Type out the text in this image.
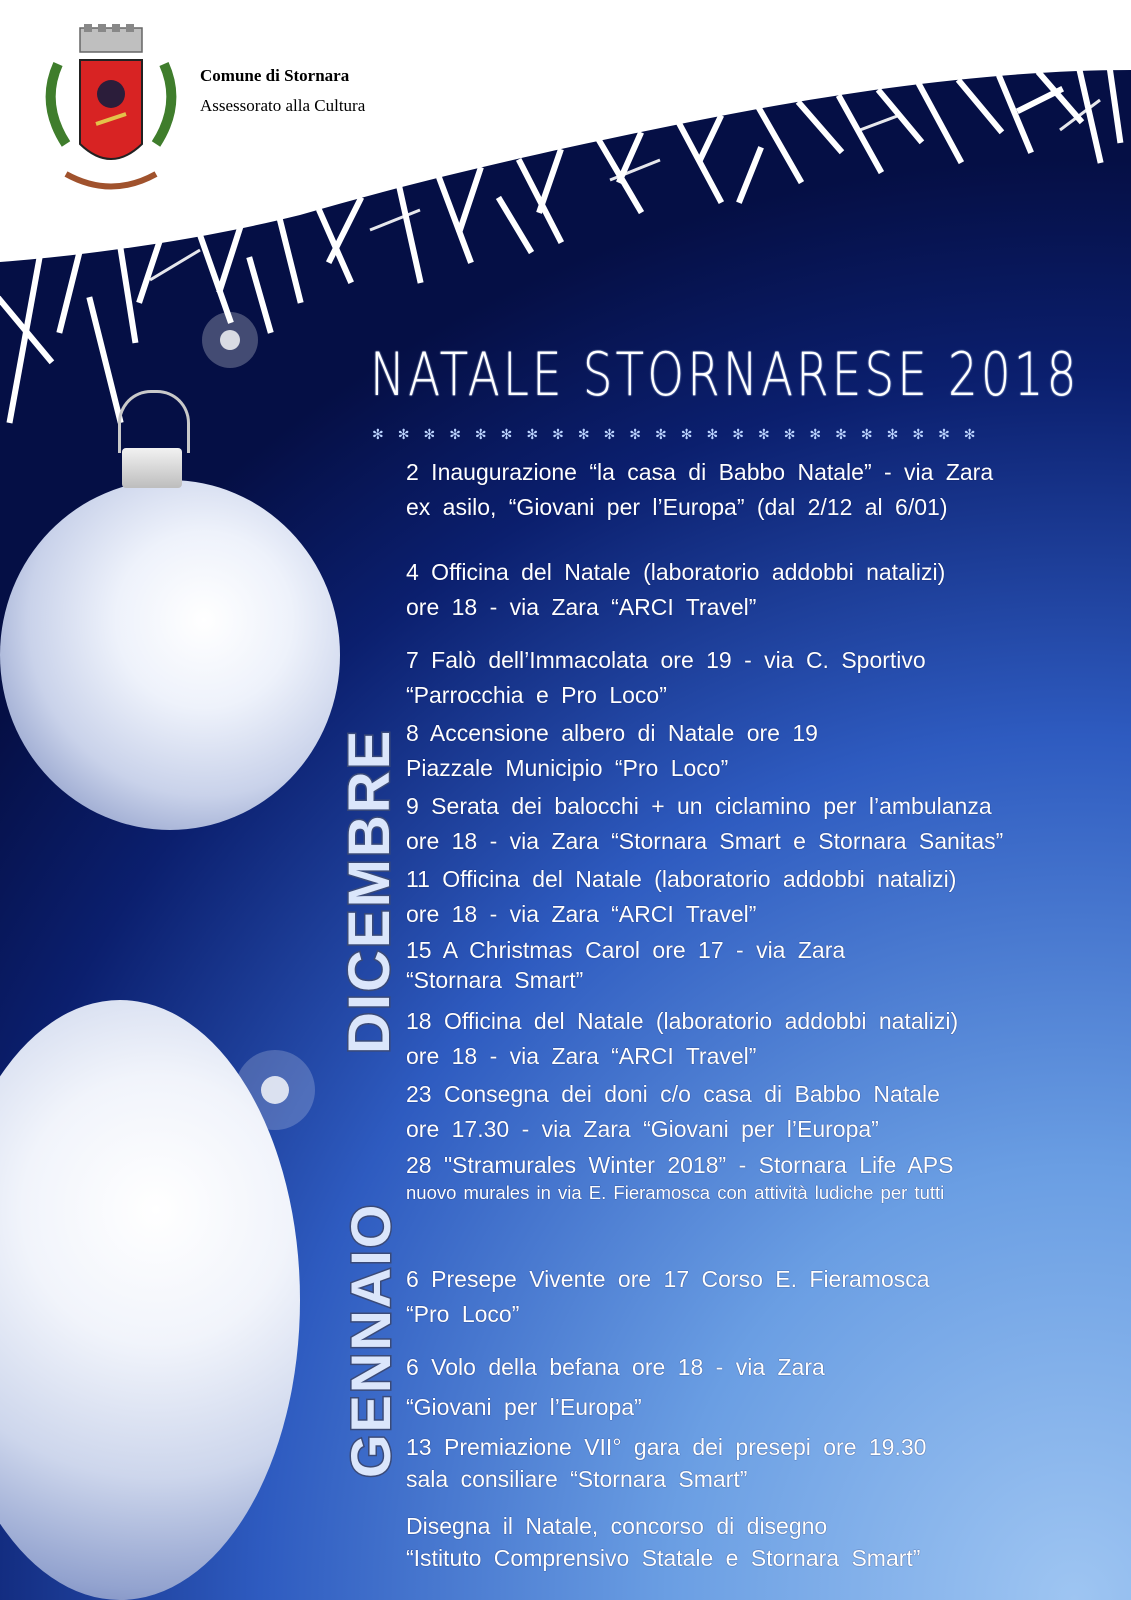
Comune di Stornara
Assessorato alla Cultura
NATALE STORNARESE 2018
✻✻✻✻✻✻✻✻✻✻✻✻✻✻✻✻✻✻✻✻✻✻✻✻
DICEMBRE
GENNAIO
2 Inaugurazione “la casa di Babbo Natale” - via Zara
ex asilo, “Giovani per l’Europa” (dal 2/12 al 6/01)
4 Officina del Natale (laboratorio addobbi natalizi)
ore 18 - via Zara “ARCI Travel”
7 Falò dell’Immacolata ore 19 - via C. Sportivo
“Parrocchia e Pro Loco”
8 Accensione albero di Natale ore 19
Piazzale Municipio “Pro Loco”
9 Serata dei balocchi + un ciclamino per l’ambulanza
ore 18 - via Zara “Stornara Smart e Stornara Sanitas”
11 Officina del Natale (laboratorio addobbi natalizi)
ore 18 - via Zara “ARCI Travel”
15 A Christmas Carol ore 17 - via Zara
“Stornara Smart”
18 Officina del Natale (laboratorio addobbi natalizi)
ore 18 - via Zara “ARCI Travel”
23 Consegna dei doni c/o casa di Babbo Natale
ore 17.30 - via Zara “Giovani per l’Europa”
28 "Stramurales Winter 2018” - Stornara Life APS
nuovo murales in via E. Fieramosca con attività ludiche per tutti
6 Presepe Vivente ore 17 Corso E. Fieramosca
“Pro Loco”
6 Volo della befana ore 18 - via Zara
“Giovani per l’Europa”
13 Premiazione VII° gara dei presepi ore 19.30
sala consiliare “Stornara Smart”
Disegna il Natale, concorso di disegno
“Istituto Comprensivo Statale e Stornara Smart”
